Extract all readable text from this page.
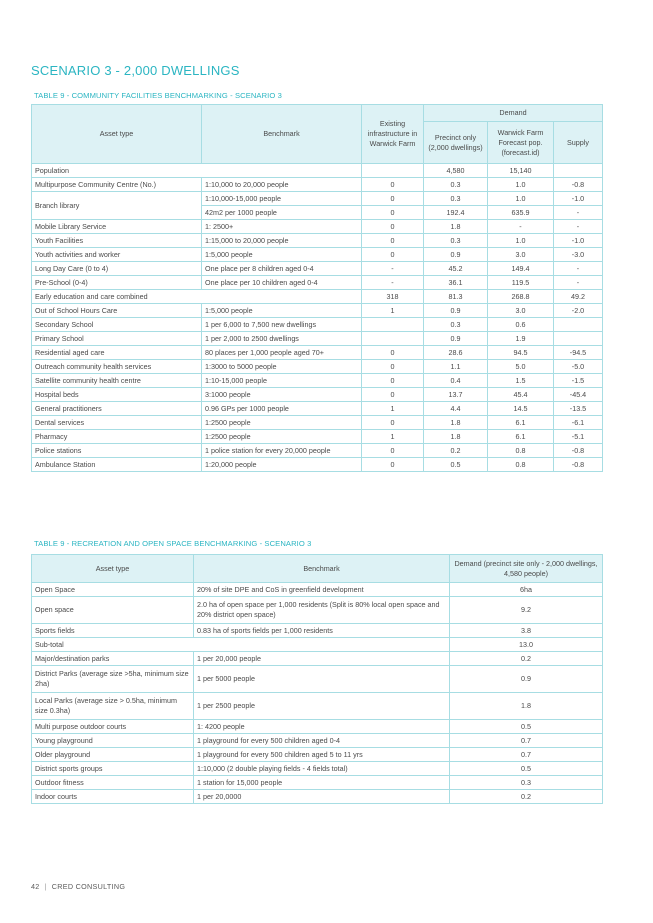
SCENARIO 3 - 2,000 DWELLINGS
TABLE 9 - COMMUNITY FACILITIES BENCHMARKING - SCENARIO 3
Asset type	Benchmark	Existing infrastructure in Warwick Farm	Demand		
			Precinct only (2,000 dwellings)	Warwick Farm Forecast pop. (forecast.id)	Supply
Population			4,580	15,140	
Multipurpose Community Centre (No.)	1:10,000 to 20,000 people	0	0.3	1.0	-0.8
Branch library	1:10,000-15,000 people	0	0.3	1.0	-1.0
	42m2 per 1000 people	0	192.4	635.9	-
Mobile Library Service	1: 2500+	0	1.8	-	-
Youth Facilities	1:15,000 to 20,000 people	0	0.3	1.0	-1.0
Youth activities and worker	1:5,000 people	0	0.9	3.0	-3.0
Long Day Care (0 to 4)	One place per 8 children aged 0-4	-	45.2	149.4	-
Pre-School (0-4)	One place per 10 children aged 0-4	-	36.1	119.5	-
Early education and care combined		318	81.3	268.8	49.2
Out of School Hours Care	1:5,000 people	1	0.9	3.0	-2.0
Secondary School	1 per 6,000 to 7,500 new dwellings		0.3	0.6	
Primary School	1 per 2,000 to 2500 dwellings		0.9	1.9	
Residential aged care	80 places per 1,000 people aged 70+	0	28.6	94.5	-94.5
Outreach community health services	1:3000 to 5000 people	0	1.1	5.0	-5.0
Satellite community health centre	1:10-15,000 people	0	0.4	1.5	-1.5
Hospital beds	3:1000 people	0	13.7	45.4	-45.4
General practitioners	0.96 GPs per 1000 people	1	4.4	14.5	-13.5
Dental services	1:2500 people	0	1.8	6.1	-6.1
Pharmacy	1:2500 people	1	1.8	6.1	-5.1
Police stations	1 police station for every 20,000 people	0	0.2	0.8	-0.8
Ambulance Station	1:20,000 people	0	0.5	0.8	-0.8
TABLE 9 - RECREATION AND OPEN SPACE BENCHMARKING - SCENARIO 3
Asset type	Benchmark	Demand (precinct site only - 2,000 dwellings, 4,580 people)
Open Space	20% of site DPE and CoS in greenfield development	6ha
Open space	2.0 ha of open space per 1,000 residents (Split is 80% local open space and 20% district open space)	9.2
Sports fields	0.83 ha of sports fields per 1,000 residents	3.8
Sub-total		13.0
Major/destination parks	1 per 20,000 people	0.2
District Parks (average size >5ha, minimum size 2ha)	1 per 5000 people	0.9
Local Parks (average size > 0.5ha, minimum size 0.3ha)	1 per 2500 people	1.8
Multi purpose outdoor courts	1: 4200 people	0.5
Young playground	1 playground for every 500 children aged 0-4	0.7
Older playground	1 playground for every 500 children aged 5 to 11 yrs	0.7
District sports groups	1:10,000 (2 double playing fields - 4 fields total)	0.5
Outdoor fitness	1 station for 15,000 people	0.3
Indoor courts	1 per 20,0000	0.2
42 | CRED CONSULTING
